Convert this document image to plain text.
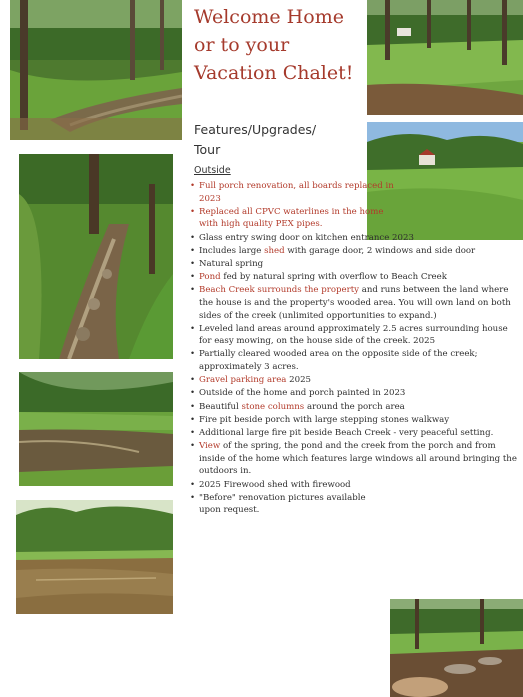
Welcome Home
or to your
Vacation Chalet!
Features/Upgrades/
Tour
Outside
• Full porch renovation, all boards replaced in 2023
• Replaced all CPVC waterlines in the home with high quality PEX pipes.
• Glass entry swing door on kitchen entrance 2023
• Includes large shed with garage door, 2 windows and side door
• Natural spring
• Pond fed by natural spring with overflow to Beach Creek
• Beach Creek surrounds the property and runs between the land where the house is and the property's wooded area. You will own land on both sides of the creek (unlimited opportunities to expand.)
• Leveled land areas around approximately 2.5 acres surrounding house for easy mowing, on the house side of the creek. 2025
• Partially cleared wooded area on the opposite side of the creek; approximately 3 acres.
• Gravel parking area 2025
• Outside of the home and porch painted in 2023
• Beautiful stone columns around the porch area
• Fire pit beside porch with large stepping stones walkway
• Additional large fire pit beside Beach Creek - very peaceful setting.
• View of the spring, the pond and the creek from the porch and from inside of the home which features large windows all around bringing the outdoors in.
• 2025 Firewood shed with firewood
• "Before" renovation pictures available upon request.
